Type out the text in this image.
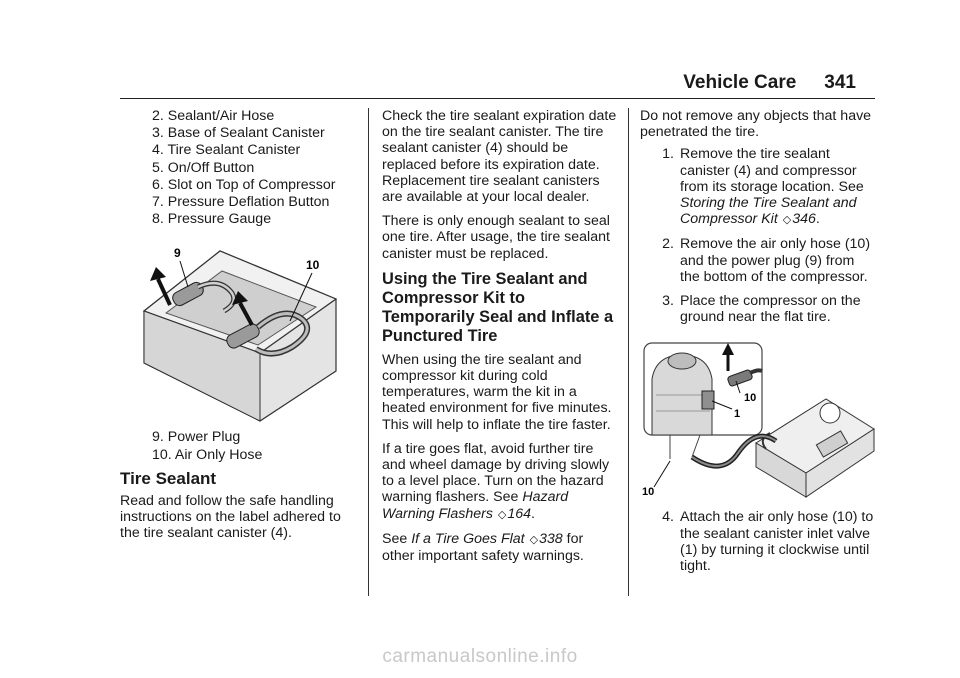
Vehicle Care 341
2. Sealant/Air Hose
3. Base of Sealant Canister
4. Tire Sealant Canister
5. On/Off Button
6. Slot on Top of Compressor
7. Pressure Deflation Button
8. Pressure Gauge
9
10
9. Power Plug
10. Air Only Hose
Tire Sealant

Read and follow the safe handling instructions on the label adhered to the tire sealant canister (4).

Check the tire sealant expiration date on the tire sealant canister. The tire sealant canister (4) should be replaced before its expiration date. Replacement tire sealant canisters are available at your local dealer.

There is only enough sealant to seal one tire. After usage, the tire sealant canister must be replaced.

Using the Tire Sealant and Compressor Kit to Temporarily Seal and Inflate a Punctured Tire

When using the tire sealant and compressor kit during cold temperatures, warm the kit in a heated environment for five minutes. This will help to inflate the tire faster.

If a tire goes flat, avoid further tire and wheel damage by driving slowly to a level place. Turn on the hazard warning flashers. See Hazard Warning Flashers ◇164.

See If a Tire Goes Flat ◇338 for other important safety warnings.

Do not remove any objects that have penetrated the tire.

1. Remove the tire sealant canister (4) and compressor from its storage location. See Storing the Tire Sealant and Compressor Kit ◇346.
2. Remove the air only hose (10) and the power plug (9) from the bottom of the compressor.
3. Place the compressor on the ground near the flat tire.
10
1
10
4. Attach the air only hose (10) to the sealant canister inlet valve (1) by turning it clockwise until tight.
carmanualsonline.info
